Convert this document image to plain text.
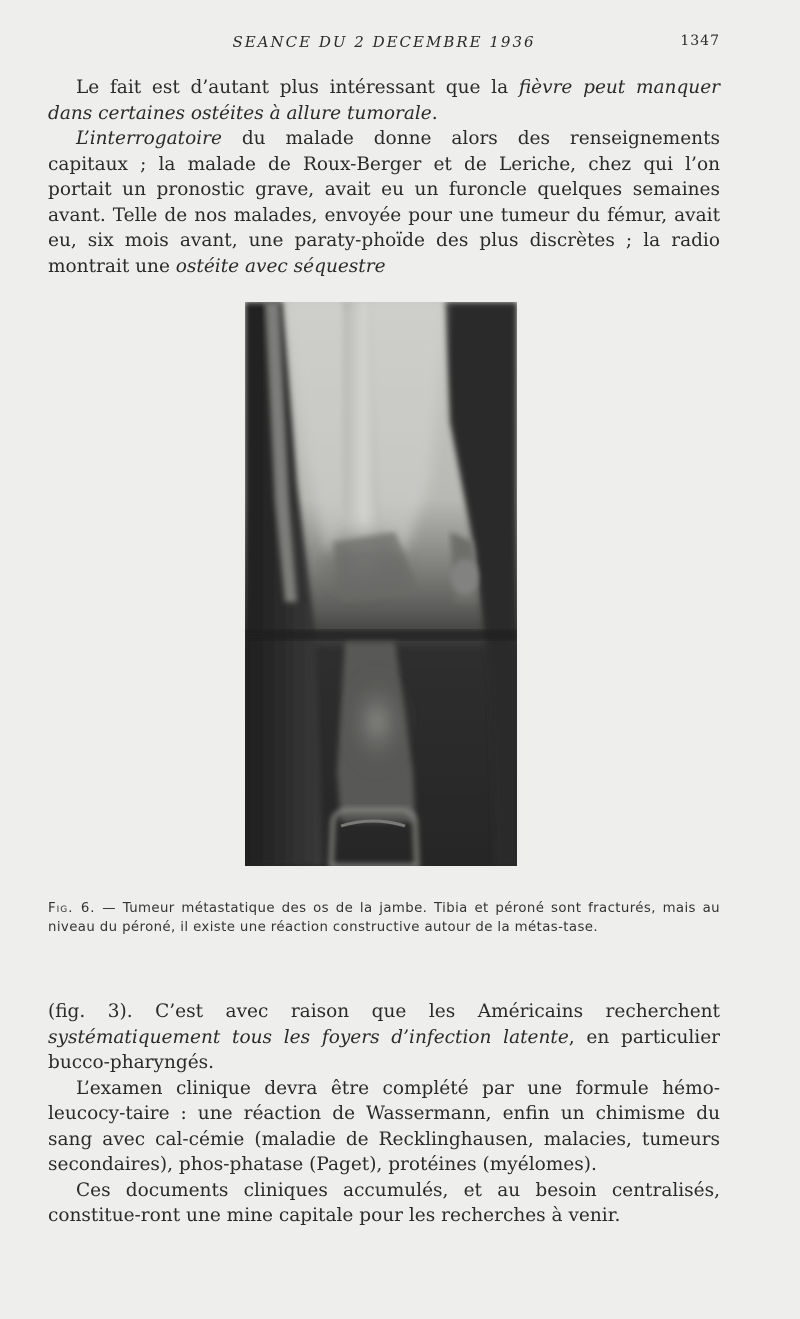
SEANCE DU 2 DECEMBRE 1936	1347

Le fait est d’autant plus intéressant que la fièvre peut manquer dans certaines ostéites à allure tumorale.

L’interrogatoire du malade donne alors des renseignements capitaux ; la malade de Roux-Berger et de Leriche, chez qui l’on portait un pronostic grave, avait eu un furoncle quelques semaines avant. Telle de nos malades, envoyée pour une tumeur du fémur, avait eu, six mois avant, une paraty-phoïde des plus discrètes ; la radio montrait une ostéite avec séquestre

Fig. 6. — Tumeur métastatique des os de la jambe. Tibia et péroné sont fracturés, mais au niveau du péroné, il existe une réaction constructive autour de la métas-tase.

(fig. 3). C’est avec raison que les Américains recherchent systématiquement tous les foyers d’infection latente, en particulier bucco-pharyngés.

L’examen clinique devra être complété par une formule hémo-leucocy-taire : une réaction de Wassermann, enfin un chimisme du sang avec cal-cémie (maladie de Recklinghausen, malacies, tumeurs secondaires), phos-phatase (Paget), protéines (myélomes).

Ces documents cliniques accumulés, et au besoin centralisés, constitue-ront une mine capitale pour les recherches à venir.
